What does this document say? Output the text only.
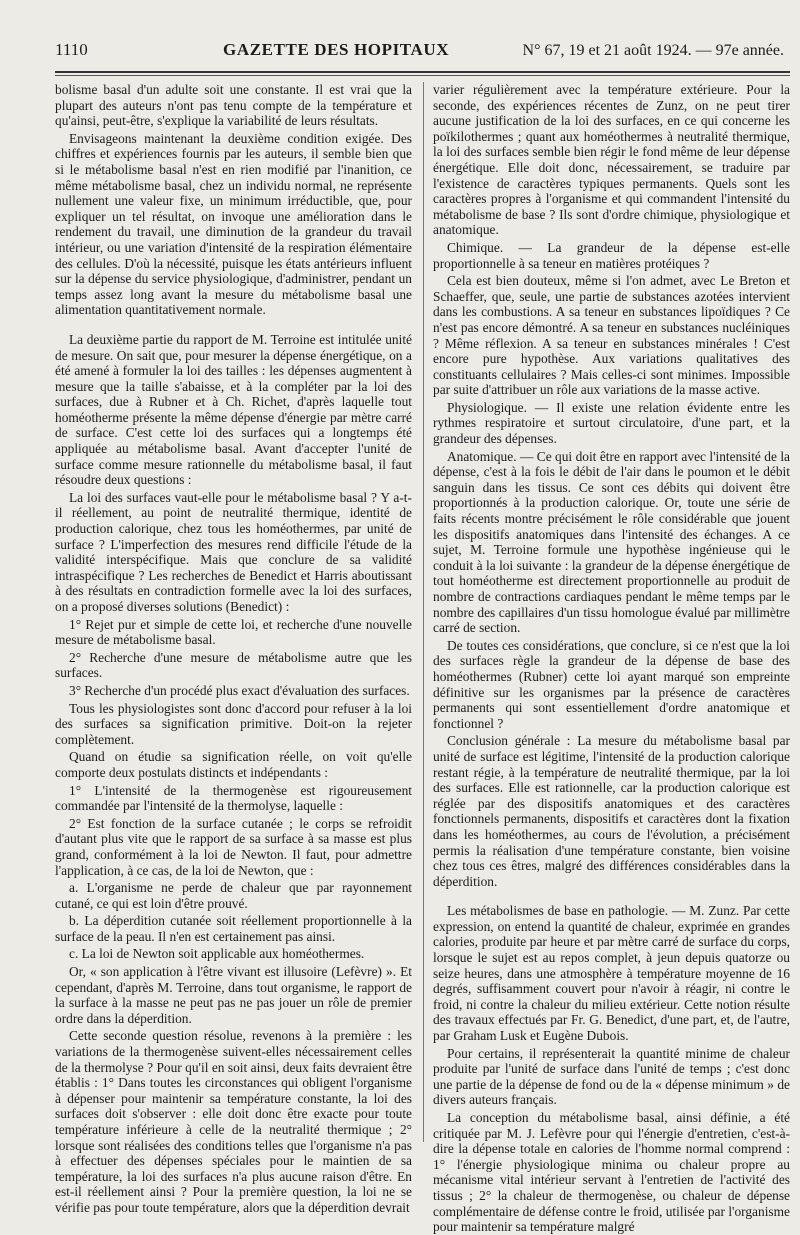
1110	GAZETTE DES HOPITAUX	N° 67, 19 et 21 août 1924. — 97e année.

bolisme basal d'un adulte soit une constante. Il est vrai que la plupart des auteurs n'ont pas tenu compte de la température et qu'ainsi, peut-être, s'explique la variabilité de leurs résultats.

Envisageons maintenant la deuxième condition exigée. Des chiffres et expériences fournis par les auteurs, il semble bien que si le métabolisme basal n'est en rien modifié par l'inanition, ce même métabolisme basal, chez un individu normal, ne représente nullement une valeur fixe, un minimum irréductible, que, pour expliquer un tel résultat, on invoque une amélioration dans le rendement du travail, une diminution de la grandeur du travail intérieur, ou une variation d'intensité de la respiration élémentaire des cellules. D'où la nécessité, puisque les états antérieurs influent sur la dépense du service physiologique, d'administrer, pendant un temps assez long avant la mesure du métabolisme basal une alimentation quantitativement normale.

La deuxième partie du rapport de M. Terroine est intitulée unité de mesure. On sait que, pour mesurer la dépense énergétique, on a été amené à formuler la loi des tailles : les dépenses augmentent à mesure que la taille s'abaisse, et à la compléter par la loi des surfaces, due à Rubner et à Ch. Richet, d'après laquelle tout homéotherme présente la même dépense d'énergie par mètre carré de surface. C'est cette loi des surfaces qui a longtemps été appliquée au métabolisme basal. Avant d'accepter l'unité de surface comme mesure rationnelle du métabolisme basal, il faut résoudre deux questions :

La loi des surfaces vaut-elle pour le métabolisme basal ? Y a-t-il réellement, au point de neutralité thermique, identité de production calorique, chez tous les homéothermes, par unité de surface ? L'imperfection des mesures rend difficile l'étude de la validité interspécifique. Mais que conclure de sa validité intraspécifique ? Les recherches de Benedict et Harris aboutissant à des résultats en contradiction formelle avec la loi des surfaces, on a proposé diverses solutions (Benedict) :

1° Rejet pur et simple de cette loi, et recherche d'une nouvelle mesure de métabolisme basal.

2° Recherche d'une mesure de métabolisme autre que les surfaces.

3° Recherche d'un procédé plus exact d'évaluation des surfaces.

Tous les physiologistes sont donc d'accord pour refuser à la loi des surfaces sa signification primitive. Doit-on la rejeter complètement.

Quand on étudie sa signification réelle, on voit qu'elle comporte deux postulats distincts et indépendants :

1° L'intensité de la thermogenèse est rigoureusement commandée par l'intensité de la thermolyse, laquelle :

2° Est fonction de la surface cutanée ; le corps se refroidit d'autant plus vite que le rapport de sa surface à sa masse est plus grand, conformément à la loi de Newton. Il faut, pour admettre l'application, à ce cas, de la loi de Newton, que :

a. L'organisme ne perde de chaleur que par rayonnement cutané, ce qui est loin d'être prouvé.

b. La déperdition cutanée soit réellement proportionnelle à la surface de la peau. Il n'en est certainement pas ainsi.

c. La loi de Newton soit applicable aux homéothermes.

Or, « son application à l'être vivant est illusoire (Lefèvre) ». Et cependant, d'après M. Terroine, dans tout organisme, le rapport de la surface à la masse ne peut pas ne pas jouer un rôle de premier ordre dans la déperdition.

Cette seconde question résolue, revenons à la première : les variations de la thermogenèse suivent-elles nécessairement celles de la thermolyse ? Pour qu'il en soit ainsi, deux faits devraient être établis : 1° Dans toutes les circonstances qui obligent l'organisme à dépenser pour maintenir sa température constante, la loi des surfaces doit s'observer : elle doit donc être exacte pour toute température inférieure à celle de la neutralité thermique ; 2° lorsque sont réalisées des conditions telles que l'organisme n'a pas à effectuer des dépenses spéciales pour le maintien de sa température, la loi des surfaces n'a plus aucune raison d'être. En est-il réellement ainsi ? Pour la première question, la loi ne se vérifie pas pour toute température, alors que la déperdition devrait

varier régulièrement avec la température extérieure. Pour la seconde, des expériences récentes de Zunz, on ne peut tirer aucune justification de la loi des surfaces, en ce qui concerne les poïkilothermes ; quant aux homéothermes à neutralité thermique, la loi des surfaces semble bien régir le fond même de leur dépense énergétique. Elle doit donc, nécessairement, se traduire par l'existence de caractères typiques permanents. Quels sont les caractères propres à l'organisme et qui commandent l'intensité du métabolisme de base ? Ils sont d'ordre chimique, physiologique et anatomique.

Chimique. — La grandeur de la dépense est-elle proportionnelle à sa teneur en matières protéiques ?

Cela est bien douteux, même si l'on admet, avec Le Breton et Schaeffer, que, seule, une partie de substances azotées intervient dans les combustions. A sa teneur en substances lipoïdiques ? Ce n'est pas encore démontré. A sa teneur en substances nucléiniques ? Même réflexion. A sa teneur en substances minérales ! C'est encore pure hypothèse. Aux variations qualitatives des constituants cellulaires ? Mais celles-ci sont minimes. Impossible par suite d'attribuer un rôle aux variations de la masse active.

Physiologique. — Il existe une relation évidente entre les rythmes respiratoire et surtout circulatoire, d'une part, et la grandeur des dépenses.

Anatomique. — Ce qui doit être en rapport avec l'intensité de la dépense, c'est à la fois le débit de l'air dans le poumon et le débit sanguin dans les tissus. Ce sont ces débits qui doivent être proportionnés à la production calorique. Or, toute une série de faits récents montre précisément le rôle considérable que jouent les dispositifs anatomiques dans l'intensité des échanges. A ce sujet, M. Terroine formule une hypothèse ingénieuse qui le conduit à la loi suivante : la grandeur de la dépense énergétique de tout homéotherme est directement proportionnelle au produit de nombre de contractions cardiaques pendant le même temps par le nombre des capillaires d'un tissu homologue évalué par millimètre carré de section.

De toutes ces considérations, que conclure, si ce n'est que la loi des surfaces règle la grandeur de la dépense de base des homéothermes (Rubner) cette loi ayant marqué son empreinte définitive sur les organismes par la présence de caractères permanents qui sont essentiellement d'ordre anatomique et fonctionnel ?

Conclusion générale : La mesure du métabolisme basal par unité de surface est légitime, l'intensité de la production calorique restant régie, à la température de neutralité thermique, par la loi des surfaces. Elle est rationnelle, car la production calorique est réglée par des dispositifs anatomiques et des caractères fonctionnels permanents, dispositifs et caractères dont la fixation dans les homéothermes, au cours de l'évolution, a précisément permis la réalisation d'une température constante, bien voisine chez tous ces êtres, malgré des différences considérables dans la déperdition.

Les métabolismes de base en pathologie. — M. Zunz. Par cette expression, on entend la quantité de chaleur, exprimée en grandes calories, produite par heure et par mètre carré de surface du corps, lorsque le sujet est au repos complet, à jeun depuis quatorze ou seize heures, dans une atmosphère à température moyenne de 16 degrés, suffisamment couvert pour n'avoir à réagir, ni contre le froid, ni contre la chaleur du milieu extérieur. Cette notion résulte des travaux effectués par Fr. G. Benedict, d'une part, et, de l'autre, par Graham Lusk et Eugène Dubois.

Pour certains, il représenterait la quantité minime de chaleur produite par l'unité de surface dans l'unité de temps ; c'est donc une partie de la dépense de fond ou de la « dépense minimum » de divers auteurs français.

La conception du métabolisme basal, ainsi définie, a été critiquée par M. J. Lefèvre pour qui l'énergie d'entretien, c'est-à-dire la dépense totale en calories de l'homme normal comprend : 1° l'énergie physiologique minima ou chaleur propre au mécanisme vital intérieur servant à l'entretien de l'activité des tissus ; 2° la chaleur de thermogenèse, ou chaleur de dépense complémentaire de défense contre le froid, utilisée par l'organisme pour maintenir sa température malgré
